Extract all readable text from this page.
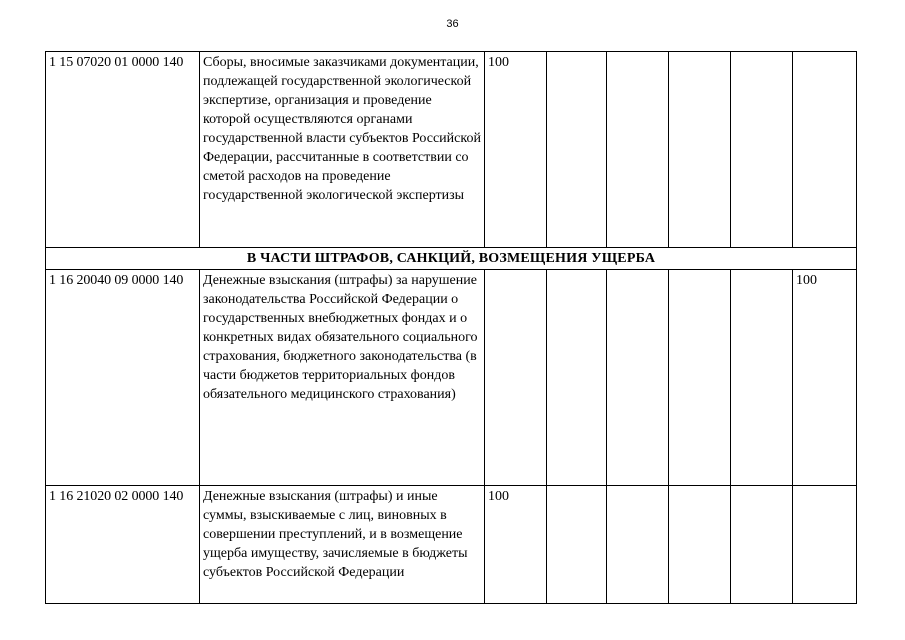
36
1 15 07020 01 0000 140	Сборы, вносимые заказчиками документации, подлежащей государственной экологической экспертизе, организация и проведение которой осуществляются органами государственной власти субъектов Российской Федерации, рассчитанные в соответствии со сметой расходов на проведение государственной экологической экспертизы	100					
В ЧАСТИ ШТРАФОВ, САНКЦИЙ, ВОЗМЕЩЕНИЯ УЩЕРБА							
1 16 20040 09 0000 140	Денежные взыскания (штрафы) за нарушение законодательства Российской Федерации о государственных внебюджетных фондах и о конкретных видах обязательного социального страхования, бюджетного законодательства (в части бюджетов территориальных фондов обязательного медицинского страхования)						100
1 16 21020 02 0000 140	Денежные взыскания (штрафы) и иные суммы, взыскиваемые с лиц, виновных в совершении преступлений, и в возмещение ущерба имуществу, зачисляемые в бюджеты субъектов Российской Федерации	100					
